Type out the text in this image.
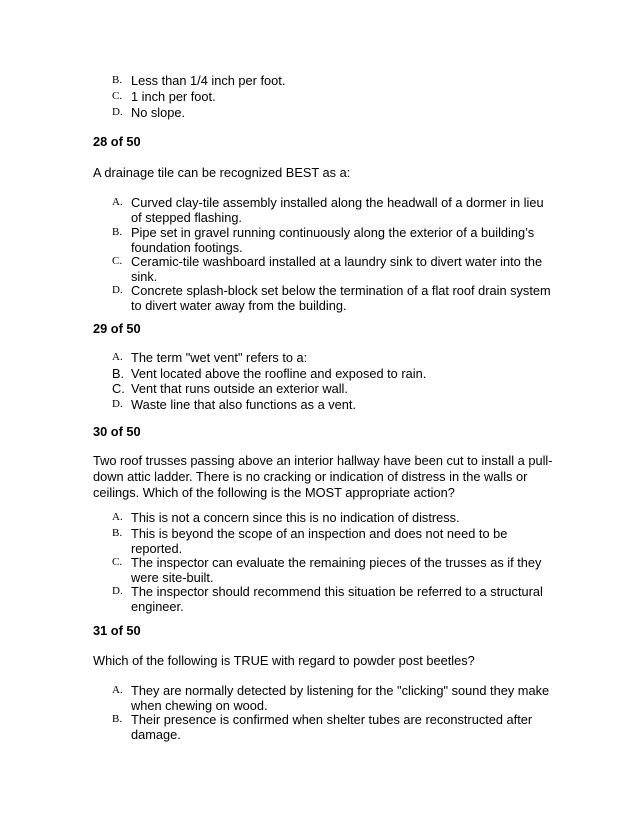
B. Less than 1/4 inch per foot.
C. 1 inch per foot.
D. No slope.
28 of 50
A drainage tile can be recognized BEST as a:
A. Curved clay-tile assembly installed along the headwall of a dormer in lieu of stepped flashing.
B. Pipe set in gravel running continuously along the exterior of a building’s foundation footings.
C. Ceramic-tile washboard installed at a laundry sink to divert water into the sink.
D. Concrete splash-block set below the termination of a flat roof drain system to divert water away from the building.
29 of 50
A. The term "wet vent" refers to a:
B. Vent located above the roofline and exposed to rain.
C. Vent that runs outside an exterior wall.
D. Waste line that also functions as a vent.
30 of 50
Two roof trusses passing above an interior hallway have been cut to install a pull-down attic ladder. There is no cracking or indication of distress in the walls or ceilings. Which of the following is the MOST appropriate action?
A. This is not a concern since this is no indication of distress.
B. This is beyond the scope of an inspection and does not need to be reported.
C. The inspector can evaluate the remaining pieces of the trusses as if they were site-built.
D. The inspector should recommend this situation be referred to a structural engineer.
31 of 50
Which of the following is TRUE with regard to powder post beetles?
A. They are normally detected by listening for the "clicking" sound they make when chewing on wood.
B. Their presence is confirmed when shelter tubes are reconstructed after damage.
